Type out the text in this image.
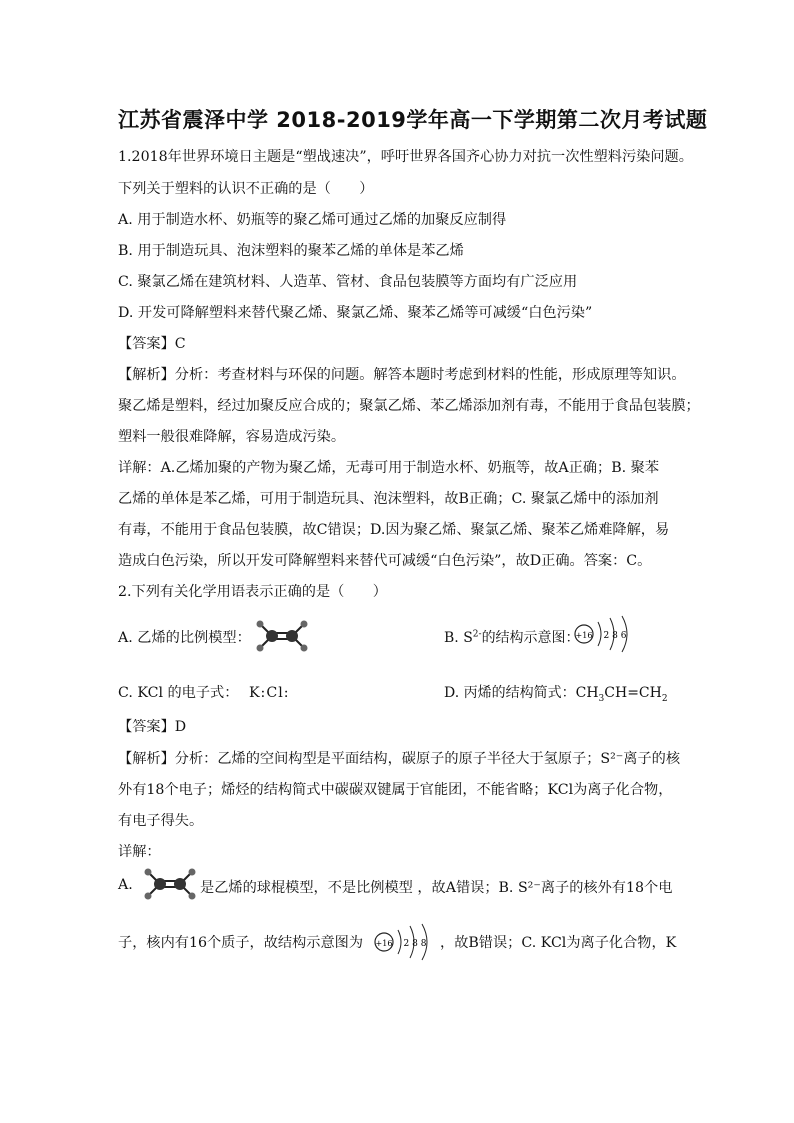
江苏省震泽中学 2018-2019学年高一下学期第二次月考试题
1.2018年世界环境日主题是“塑战速决”，呼吁世界各国齐心协力对抗一次性塑料污染问题。
下列关于塑料的认识不正确的是（　　）
A. 用于制造水杯、奶瓶等的聚乙烯可通过乙烯的加聚反应制得
B. 用于制造玩具、泡沫塑料的聚苯乙烯的单体是苯乙烯
C. 聚氯乙烯在建筑材料、人造革、管材、食品包装膜等方面均有广泛应用
D. 开发可降解塑料来替代聚乙烯、聚氯乙烯、聚苯乙烯等可减缓“白色污染”
【答案】C
【解析】分析：考查材料与环保的问题。解答本题时考虑到材料的性能，形成原理等知识。
聚乙烯是塑料，经过加聚反应合成的；聚氯乙烯、苯乙烯添加剂有毒，不能用于食品包装膜；
塑料一般很难降解，容易造成污染。
详解：A.乙烯加聚的产物为聚乙烯，无毒可用于制造水杯、奶瓶等，故A正确；B. 聚苯
乙烯的单体是苯乙烯，可用于制造玩具、泡沫塑料，故B正确；C. 聚氯乙烯中的添加剂
有毒，不能用于食品包装膜，故C错误；D.因为聚乙烯、聚氯乙烯、聚苯乙烯难降解，易
造成白色污染，所以开发可降解塑料来替代可减缓“白色污染”，故D正确。答案：C。
2.下列有关化学用语表示正确的是（　　）
A. 乙烯的比例模型：	B. $S^{2-}$的结构示意图：
+16 2 8 6
C. KCl 的电子式： K:Cl:	D. 丙烯的结构简式：$CH_3CH=CH_2$
【答案】D
【解析】分析：乙烯的空间构型是平面结构，碳原子的原子半径大于氢原子；S²⁻离子的核
外有18个电子；烯烃的结构简式中碳碳双键属于官能团，不能省略；KCl为离子化合物，
有电子得失。
详解：
A.	是乙烯的球棍模型，不是比例模型 ，故A错误；B. S²⁻离子的核外有18个电
子，核内有16个质子，故结构示意图为 +16 2 8 8 ，故B错误；C. KCl为离子化合物，K
